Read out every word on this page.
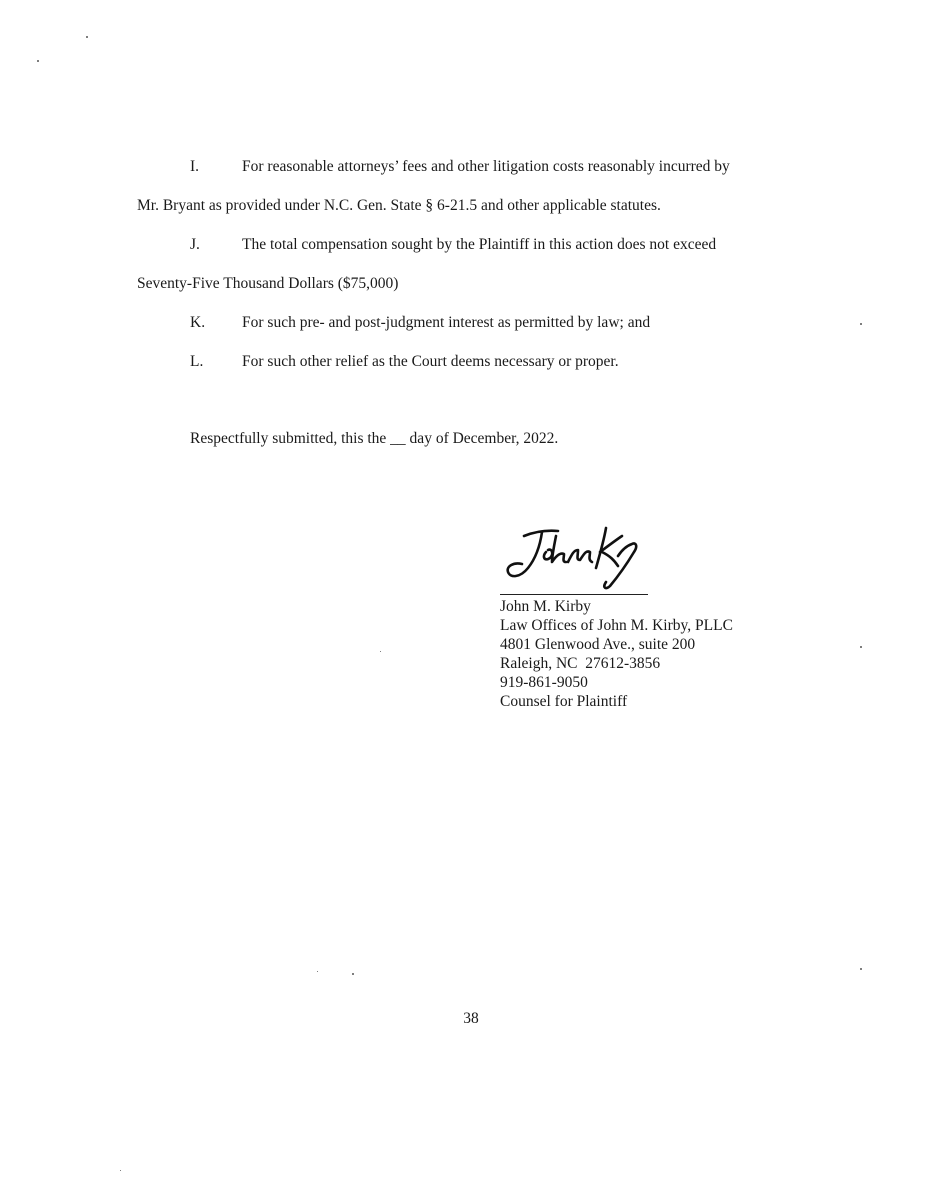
I.	For reasonable attorneys’ fees and other litigation costs reasonably incurred by
Mr. Bryant as provided under N.C. Gen. State § 6-21.5 and other applicable statutes.
J.	The total compensation sought by the Plaintiff in this action does not exceed
Seventy-Five Thousand Dollars ($75,000)
K. For such pre- and post-judgment interest as permitted by law; and
L. For such other relief as the Court deems necessary or proper.
Respectfully submitted, this the __ day of December, 2022.
John M. Kirby
Law Offices of John M. Kirby, PLLC
4801 Glenwood Ave., suite 200
Raleigh, NC  27612-3856
919-861-9050
Counsel for Plaintiff
38
